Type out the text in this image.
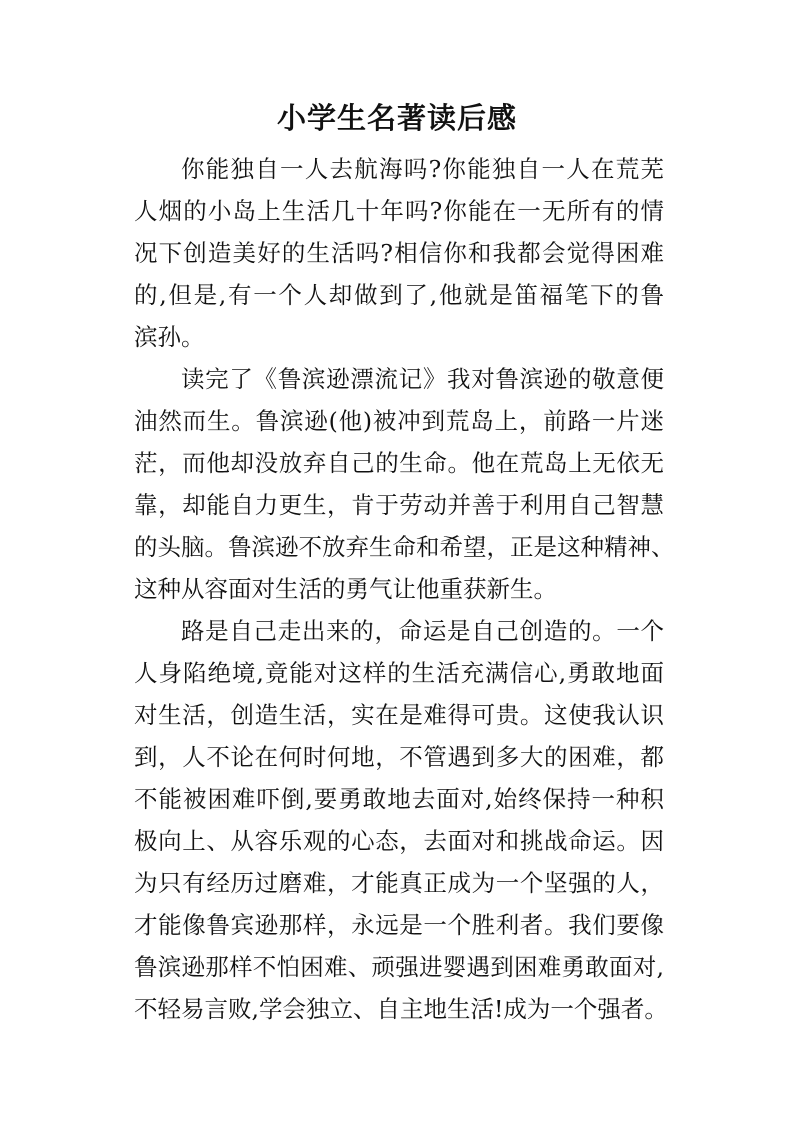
小学生名著读后感
你能独自一人去航海吗?你能独自一人在荒芜
人烟的小岛上生活几十年吗?你能在一无所有的情
况下创造美好的生活吗?相信你和我都会觉得困难
的,但是,有一个人却做到了,他就是笛福笔下的鲁
滨孙。
读完了《鲁滨逊漂流记》我对鲁滨逊的敬意便
油然而生。鲁滨逊(他)被冲到荒岛上，前路一片迷
茫，而他却没放弃自己的生命。他在荒岛上无依无
靠，却能自力更生，肯于劳动并善于利用自己智慧
的头脑。鲁滨逊不放弃生命和希望，正是这种精神、
这种从容面对生活的勇气让他重获新生。
路是自己走出来的，命运是自己创造的。一个
人身陷绝境,竟能对这样的生活充满信心,勇敢地面
对生活，创造生活，实在是难得可贵。这使我认识
到，人不论在何时何地，不管遇到多大的困难，都
不能被困难吓倒,要勇敢地去面对,始终保持一种积
极向上、从容乐观的心态，去面对和挑战命运。因
为只有经历过磨难，才能真正成为一个坚强的人，
才能像鲁宾逊那样，永远是一个胜利者。我们要像
鲁滨逊那样不怕困难、顽强进婴遇到困难勇敢面对,
不轻易言败,学会独立、自主地生活!成为一个强者。
